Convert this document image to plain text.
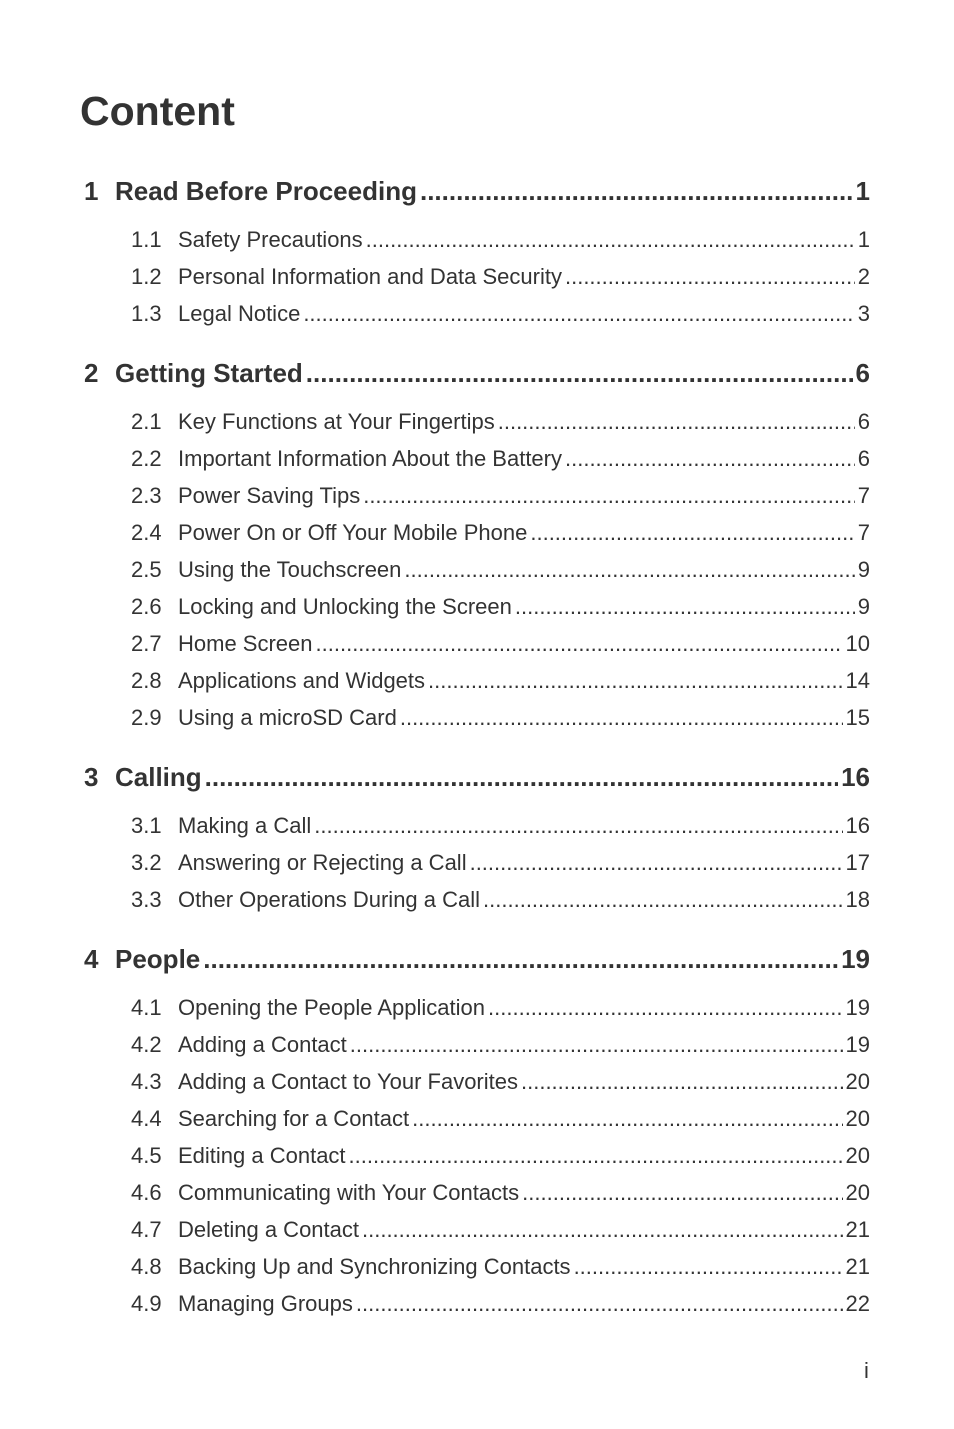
Content
1 Read Before Proceeding .....	1
1.1 Safety Precautions .....	1
1.2 Personal Information and Data Security .....	2
1.3 Legal Notice .....	3
2 Getting Started .....	6
2.1 Key Functions at Your Fingertips .....	6
2.2 Important Information About the Battery .....	6
2.3 Power Saving Tips .....	7
2.4 Power On or Off Your Mobile Phone .....	7
2.5 Using the Touchscreen .....	9
2.6 Locking and Unlocking the Screen .....	9
2.7 Home Screen .....	10
2.8 Applications and Widgets .....	14
2.9 Using a microSD Card .....	15
3 Calling .....	16
3.1 Making a Call .....	16
3.2 Answering or Rejecting a Call .....	17
3.3 Other Operations During a Call .....	18
4 People .....	19
4.1 Opening the People Application .....	19
4.2 Adding a Contact .....	19
4.3 Adding a Contact to Your Favorites .....	20
4.4 Searching for a Contact .....	20
4.5 Editing a Contact .....	20
4.6 Communicating with Your Contacts .....	20
4.7 Deleting a Contact .....	21
4.8 Backing Up and Synchronizing Contacts .....	21
4.9 Managing Groups .....	22
i
